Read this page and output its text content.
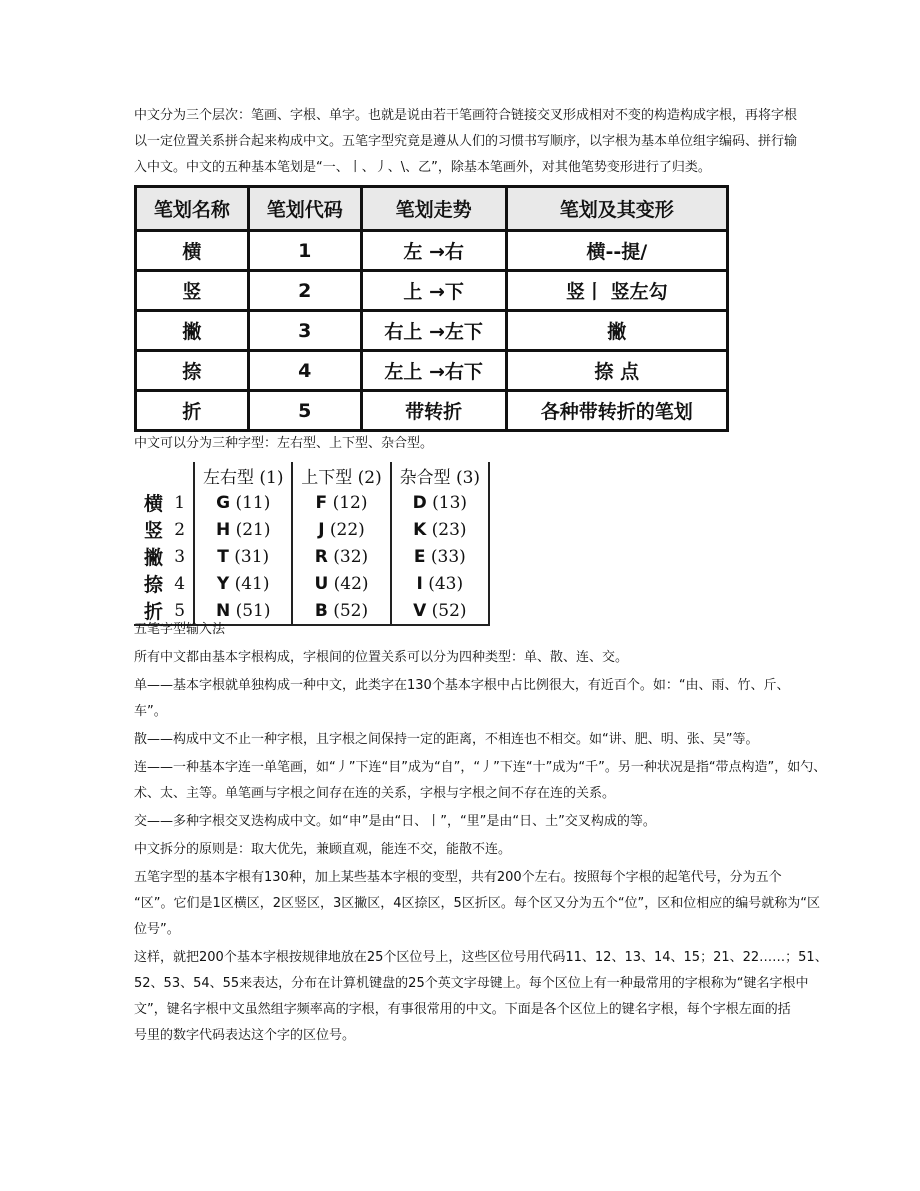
中文分为三个层次：笔画、字根、单字。也就是说由若干笔画符合链接交叉形成相对不变的构造构成字根，再将字根
以一定位置关系拼合起来构成中文。五笔字型究竟是遵从人们的习惯书写顺序，以字根为基本单位组字编码、拼行输
入中文。中文的五种基本笔划是“一、丨、丿、\、乙”，除基本笔画外，对其他笔势变形进行了归类。

笔划名称	笔划代码	笔划走势	笔划及其变形
横	1	左 →右	横--提/
竖	2	上 →下	竖丨 竖左勾
撇	3	右上 →左下	撇
捺	4	左上 →右下	捺 点
折	5	带转折	各种带转折的笔划

中文可以分为三种字型：左右型、上下型、杂合型。

		左右型 (1)	上下型 (2)	杂合型 (3)
横	1	G (11)	F (12)	D (13)
竖	2	H (21)	J (22)	K (23)
撇	3	T (31)	R (32)	E (33)
捺	4	Y (41)	U (42)	I (43)
折	5	N (51)	B (52)	V (52)

五笔字型输入法
所有中文都由基本字根构成，字根间的位置关系可以分为四种类型：单、散、连、交。
单——基本字根就单独构成一种中文，此类字在130个基本字根中占比例很大，有近百个。如：“由、雨、竹、斤、
车”。
散——构成中文不止一种字根，且字根之间保持一定的距离，不相连也不相交。如“讲、肥、明、张、吴”等。
连——一种基本字连一单笔画，如“丿”下连“目”成为“自”，“丿”下连“十”成为“千”。另一种状况是指“带点构造”，如勺、
术、太、主等。单笔画与字根之间存在连的关系，字根与字根之间不存在连的关系。
交——多种字根交叉迭构成中文。如“申”是由“日、丨”，“里”是由“日、土”交叉构成的等。
中文拆分的原则是：取大优先，兼顾直观，能连不交，能散不连。
五笔字型的基本字根有130种，加上某些基本字根的变型，共有200个左右。按照每个字根的起笔代号，分为五个
“区”。它们是1区横区，2区竖区，3区撇区，4区捺区，5区折区。每个区又分为五个“位”，区和位相应的编号就称为“区
位号”。
这样，就把200个基本字根按规律地放在25个区位号上，这些区位号用代码11、12、13、14、15；21、22……；51、
52、53、54、55来表达，分布在计算机键盘的25个英文字母键上。每个区位上有一种最常用的字根称为“键名字根中
文”，键名字根中文虽然组字频率高的字根，有事很常用的中文。下面是各个区位上的键名字根，每个字根左面的括
号里的数字代码表达这个字的区位号。
